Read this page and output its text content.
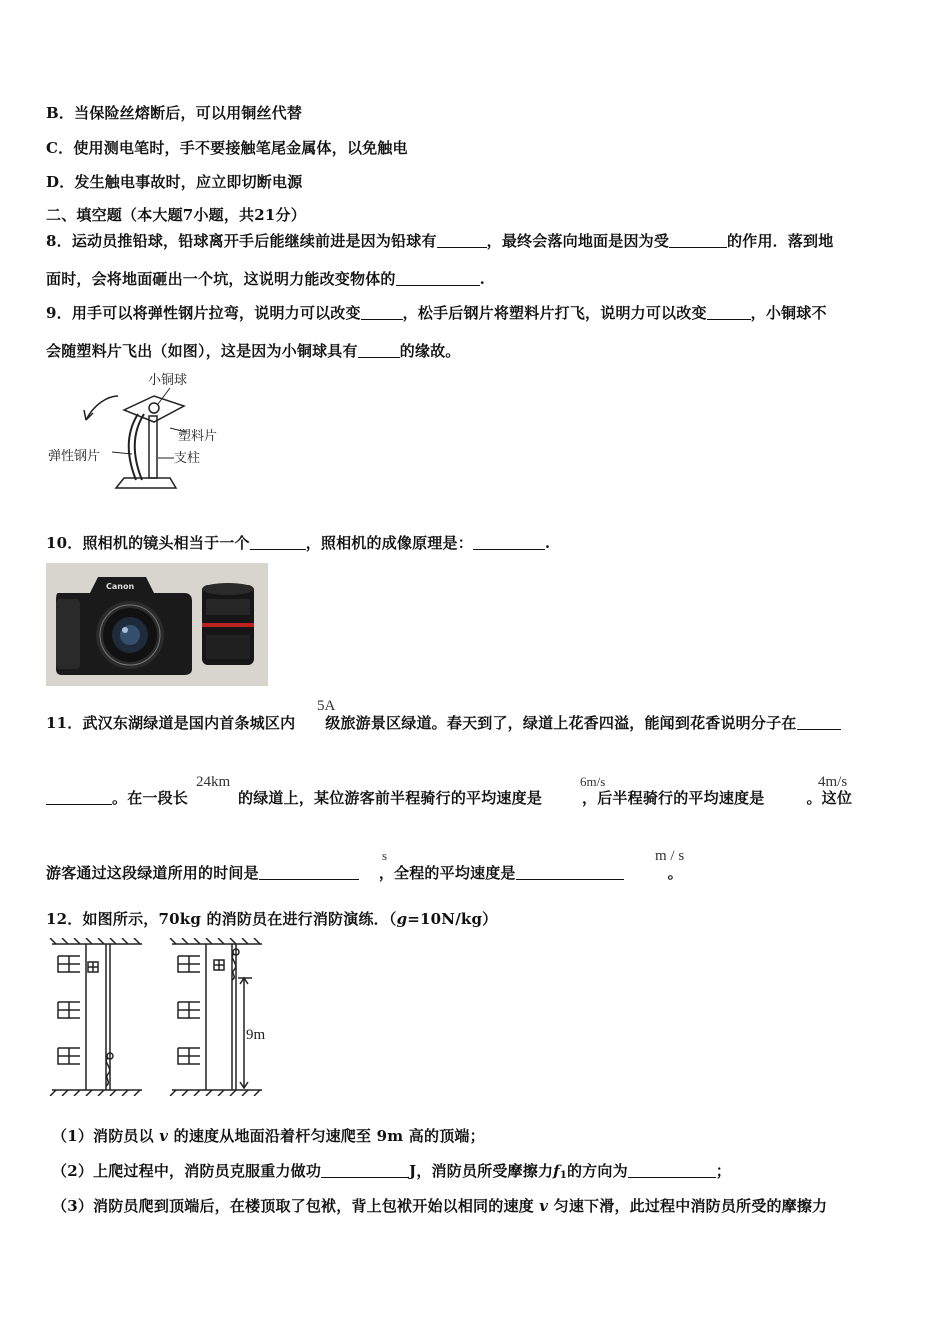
B．当保险丝熔断后，可以用铜丝代替
C．使用测电笔时，手不要接触笔尾金属体，以免触电
D．发生触电事故时，应立即切断电源
二、填空题（本大题7小题，共21分）
8．运动员推铅球，铅球离开手后能继续前进是因为铅球有	，最终会落向地面是因为受	的作用．落到地
面时，会将地面砸出一个坑，这说明力能改变物体的	.
9．用手可以将弹性钢片拉弯，说明力可以改变	，松手后钢片将塑料片打飞，说明力可以改变	，小铜球不
会随塑料片飞出（如图），这是因为小铜球具有	的缘故。
小铜球
塑料片
弹性钢片	支柱
10．照相机的镜头相当于一个	，照相机的成像原理是：	.
Canon
11．武汉东湖绿道是国内首条城区内 级旅游景区绿道。春天到了，绿道上花香四溢，能闻到花香说明分子在
5A
。在一段长	的绿道上，某位游客前半程骑行的平均速度是	，后半程骑行的平均速度是	。这位
24km	6m/s	4m/s
游客通过这段绿道所用的时间是	，全程的平均速度是	。
s	m / s
12．如图所示，70kg 的消防员在进行消防演练．（g=10N/kg）
9m
（1）消防员以 v 的速度从地面沿着杆匀速爬至 9m 高的顶端；
（2）上爬过程中，消防员克服重力做功	J，消防员所受摩擦力$f_1$的方向为	；
（3）消防员爬到顶端后，在楼顶取了包袱，背上包袱开始以相同的速度 v 匀速下滑，此过程中消防员所受的摩擦力
